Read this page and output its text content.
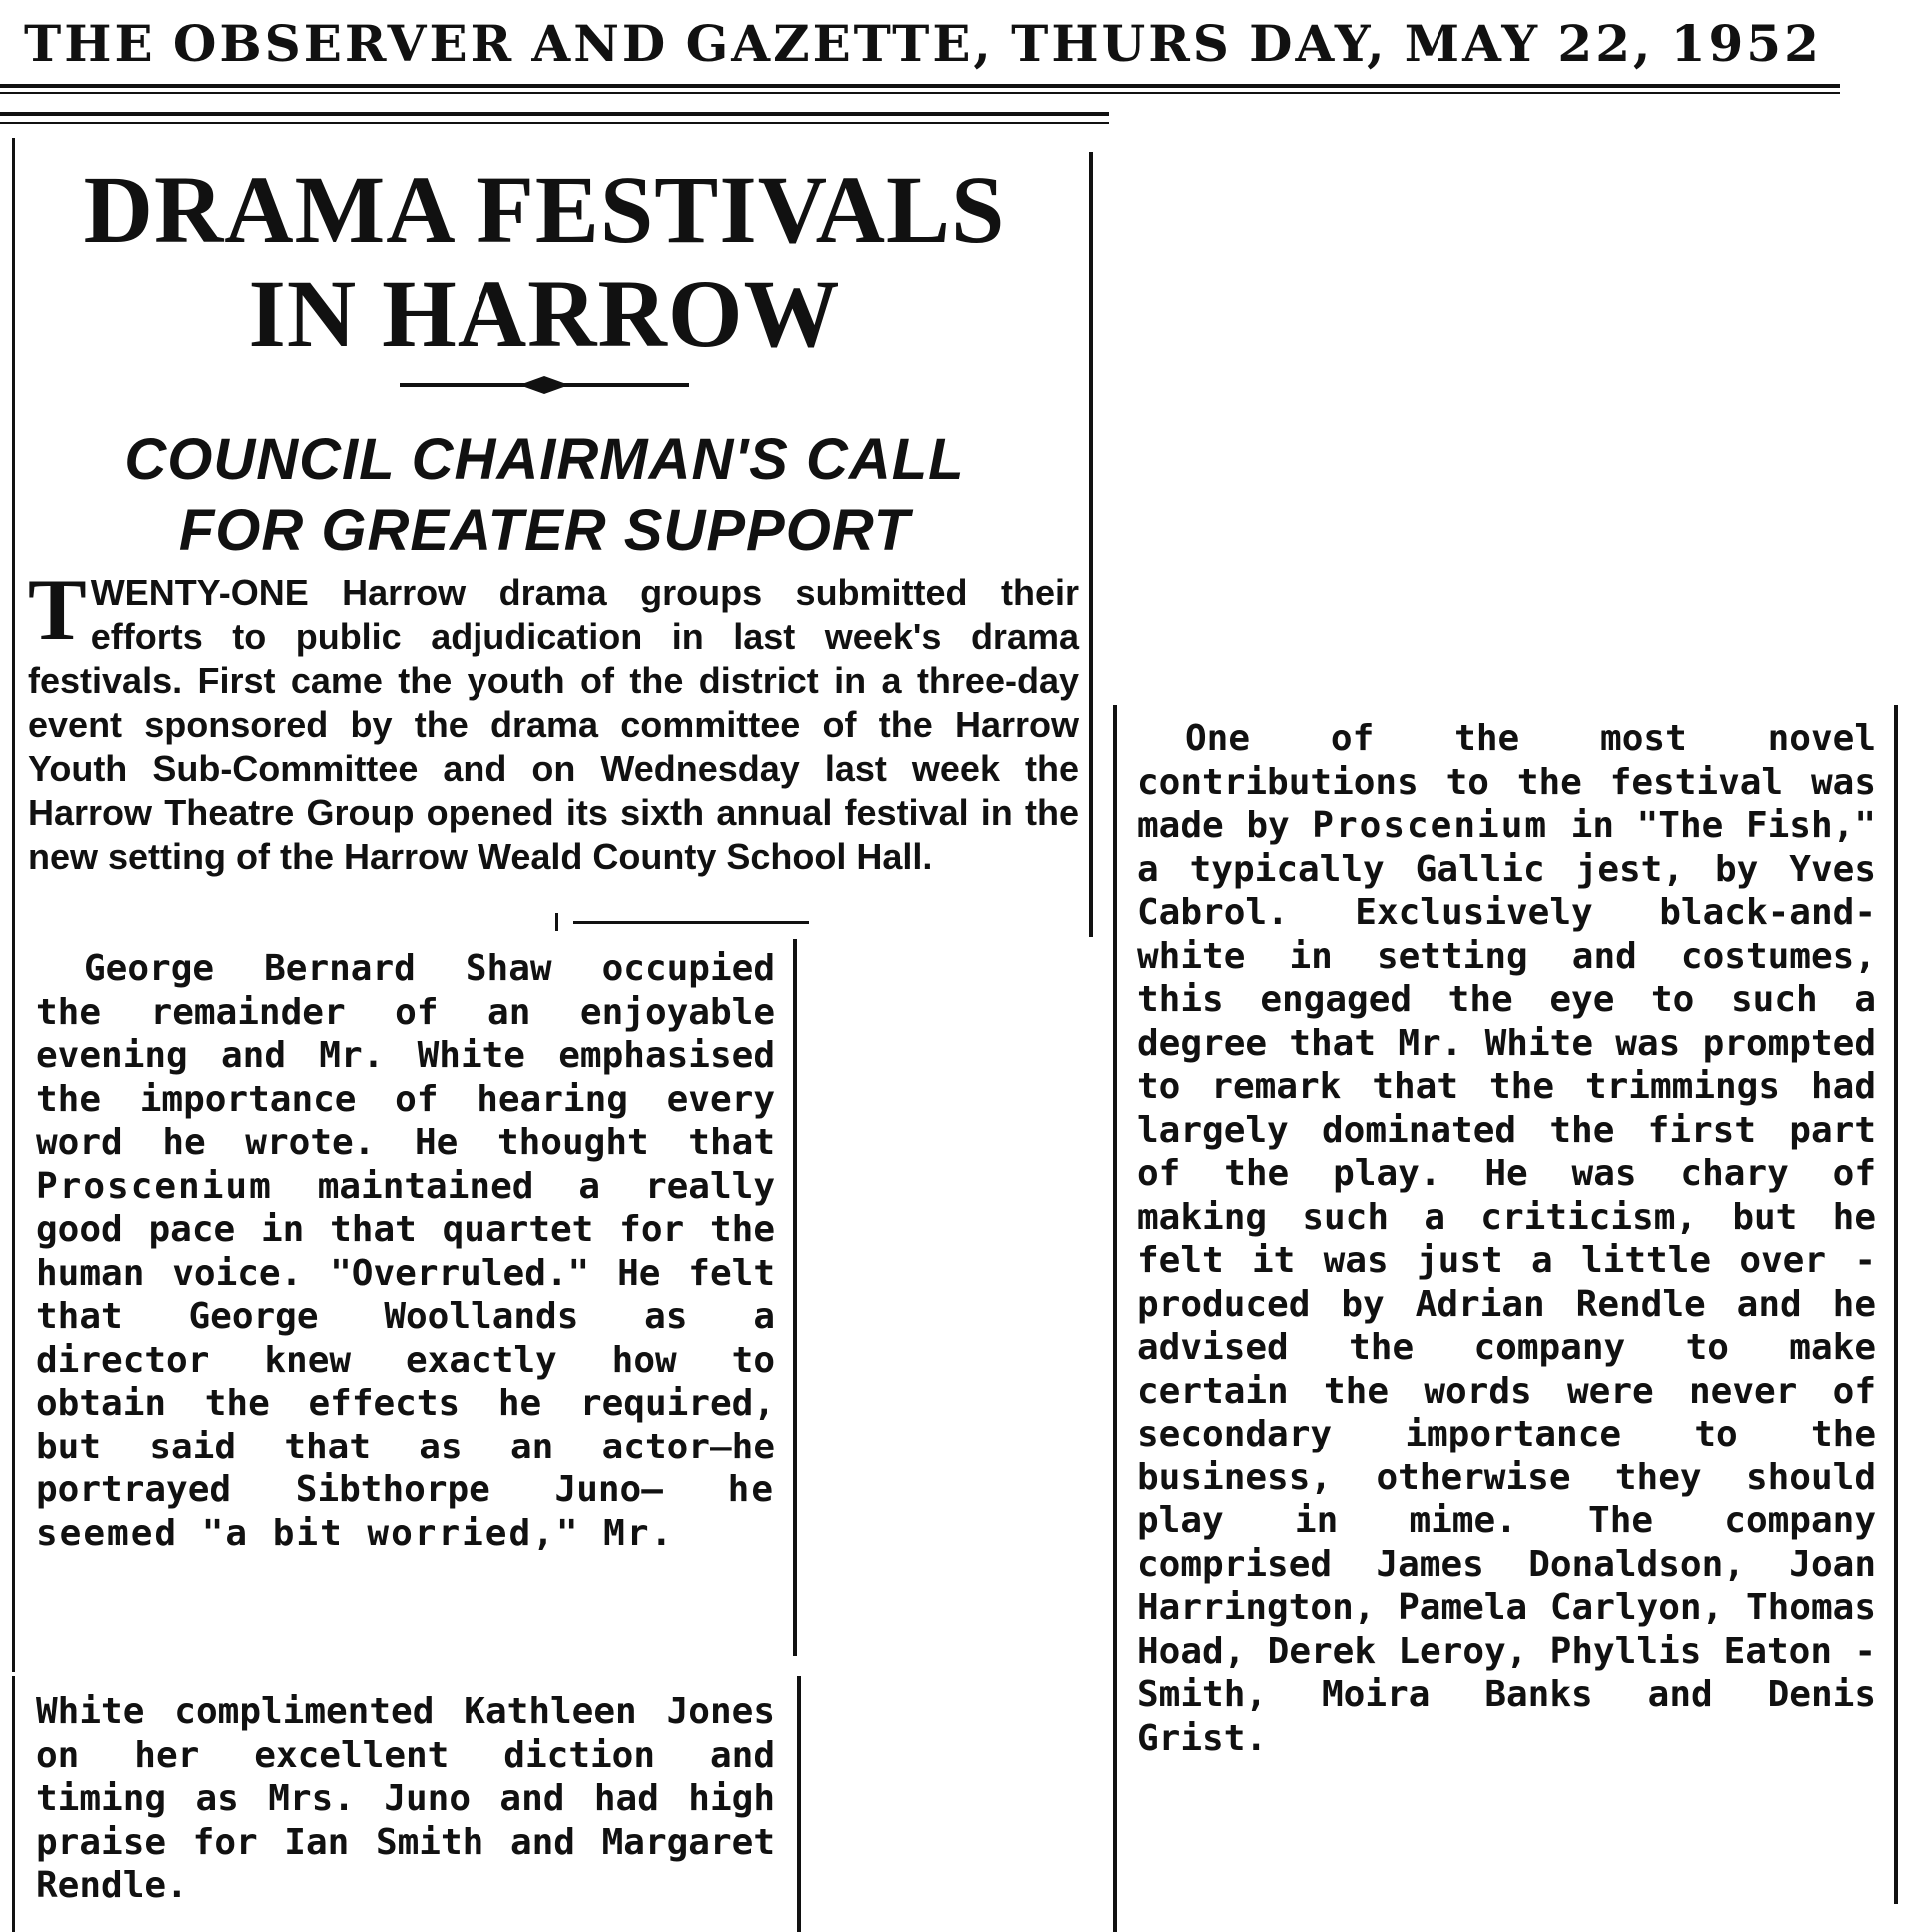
THE OBSERVER AND GAZETTE, THURS DAY, MAY 22, 1952
DRAMA FESTIVALS
IN HARROW
COUNCIL CHAIRMAN'S CALL
FOR GREATER SUPPORT
TWENTY-ONE Harrow drama groups submitted their efforts to public adjudication in last week's drama festivals. First came the youth of the district in a three-day event sponsored by the drama committee of the Harrow Youth Sub-Committee and on Wednesday last week the Harrow Theatre Group opened its sixth annual festival in the new setting of the Harrow Weald County School Hall.

George Bernard Shaw occupied the remainder of an enjoyable evening and Mr. White emphasised the importance of hearing every word he wrote. He thought that Proscenium maintained a really good pace in that quartet for the human voice. "Overruled." He felt that George Woollands as a director knew exactly how to obtain the effects he required, but said that as an actor—he portrayed Sibthorpe Juno— he seemed "a bit worried," Mr.

White complimented Kathleen Jones on her excellent diction and timing as Mrs. Juno and had high praise for Ian Smith and Margaret Rendle.

One of the most novel contributions to the festival was made by Proscenium in "The Fish," a typically Gallic jest, by Yves Cabrol. Exclusively black-and-white in setting and costumes, this engaged the eye to such a degree that Mr. White was prompted to remark that the trimmings had largely dominated the first part of the play. He was chary of making such a criticism, but he felt it was just a little over - produced by Adrian Rendle and he advised the company to make certain the words were never of secondary importance to the business, otherwise they should play in mime. The company comprised James Donaldson, Joan Harrington, Pamela Carlyon, Thomas Hoad, Derek Leroy, Phyllis Eaton - Smith, Moira Banks and Denis Grist.
